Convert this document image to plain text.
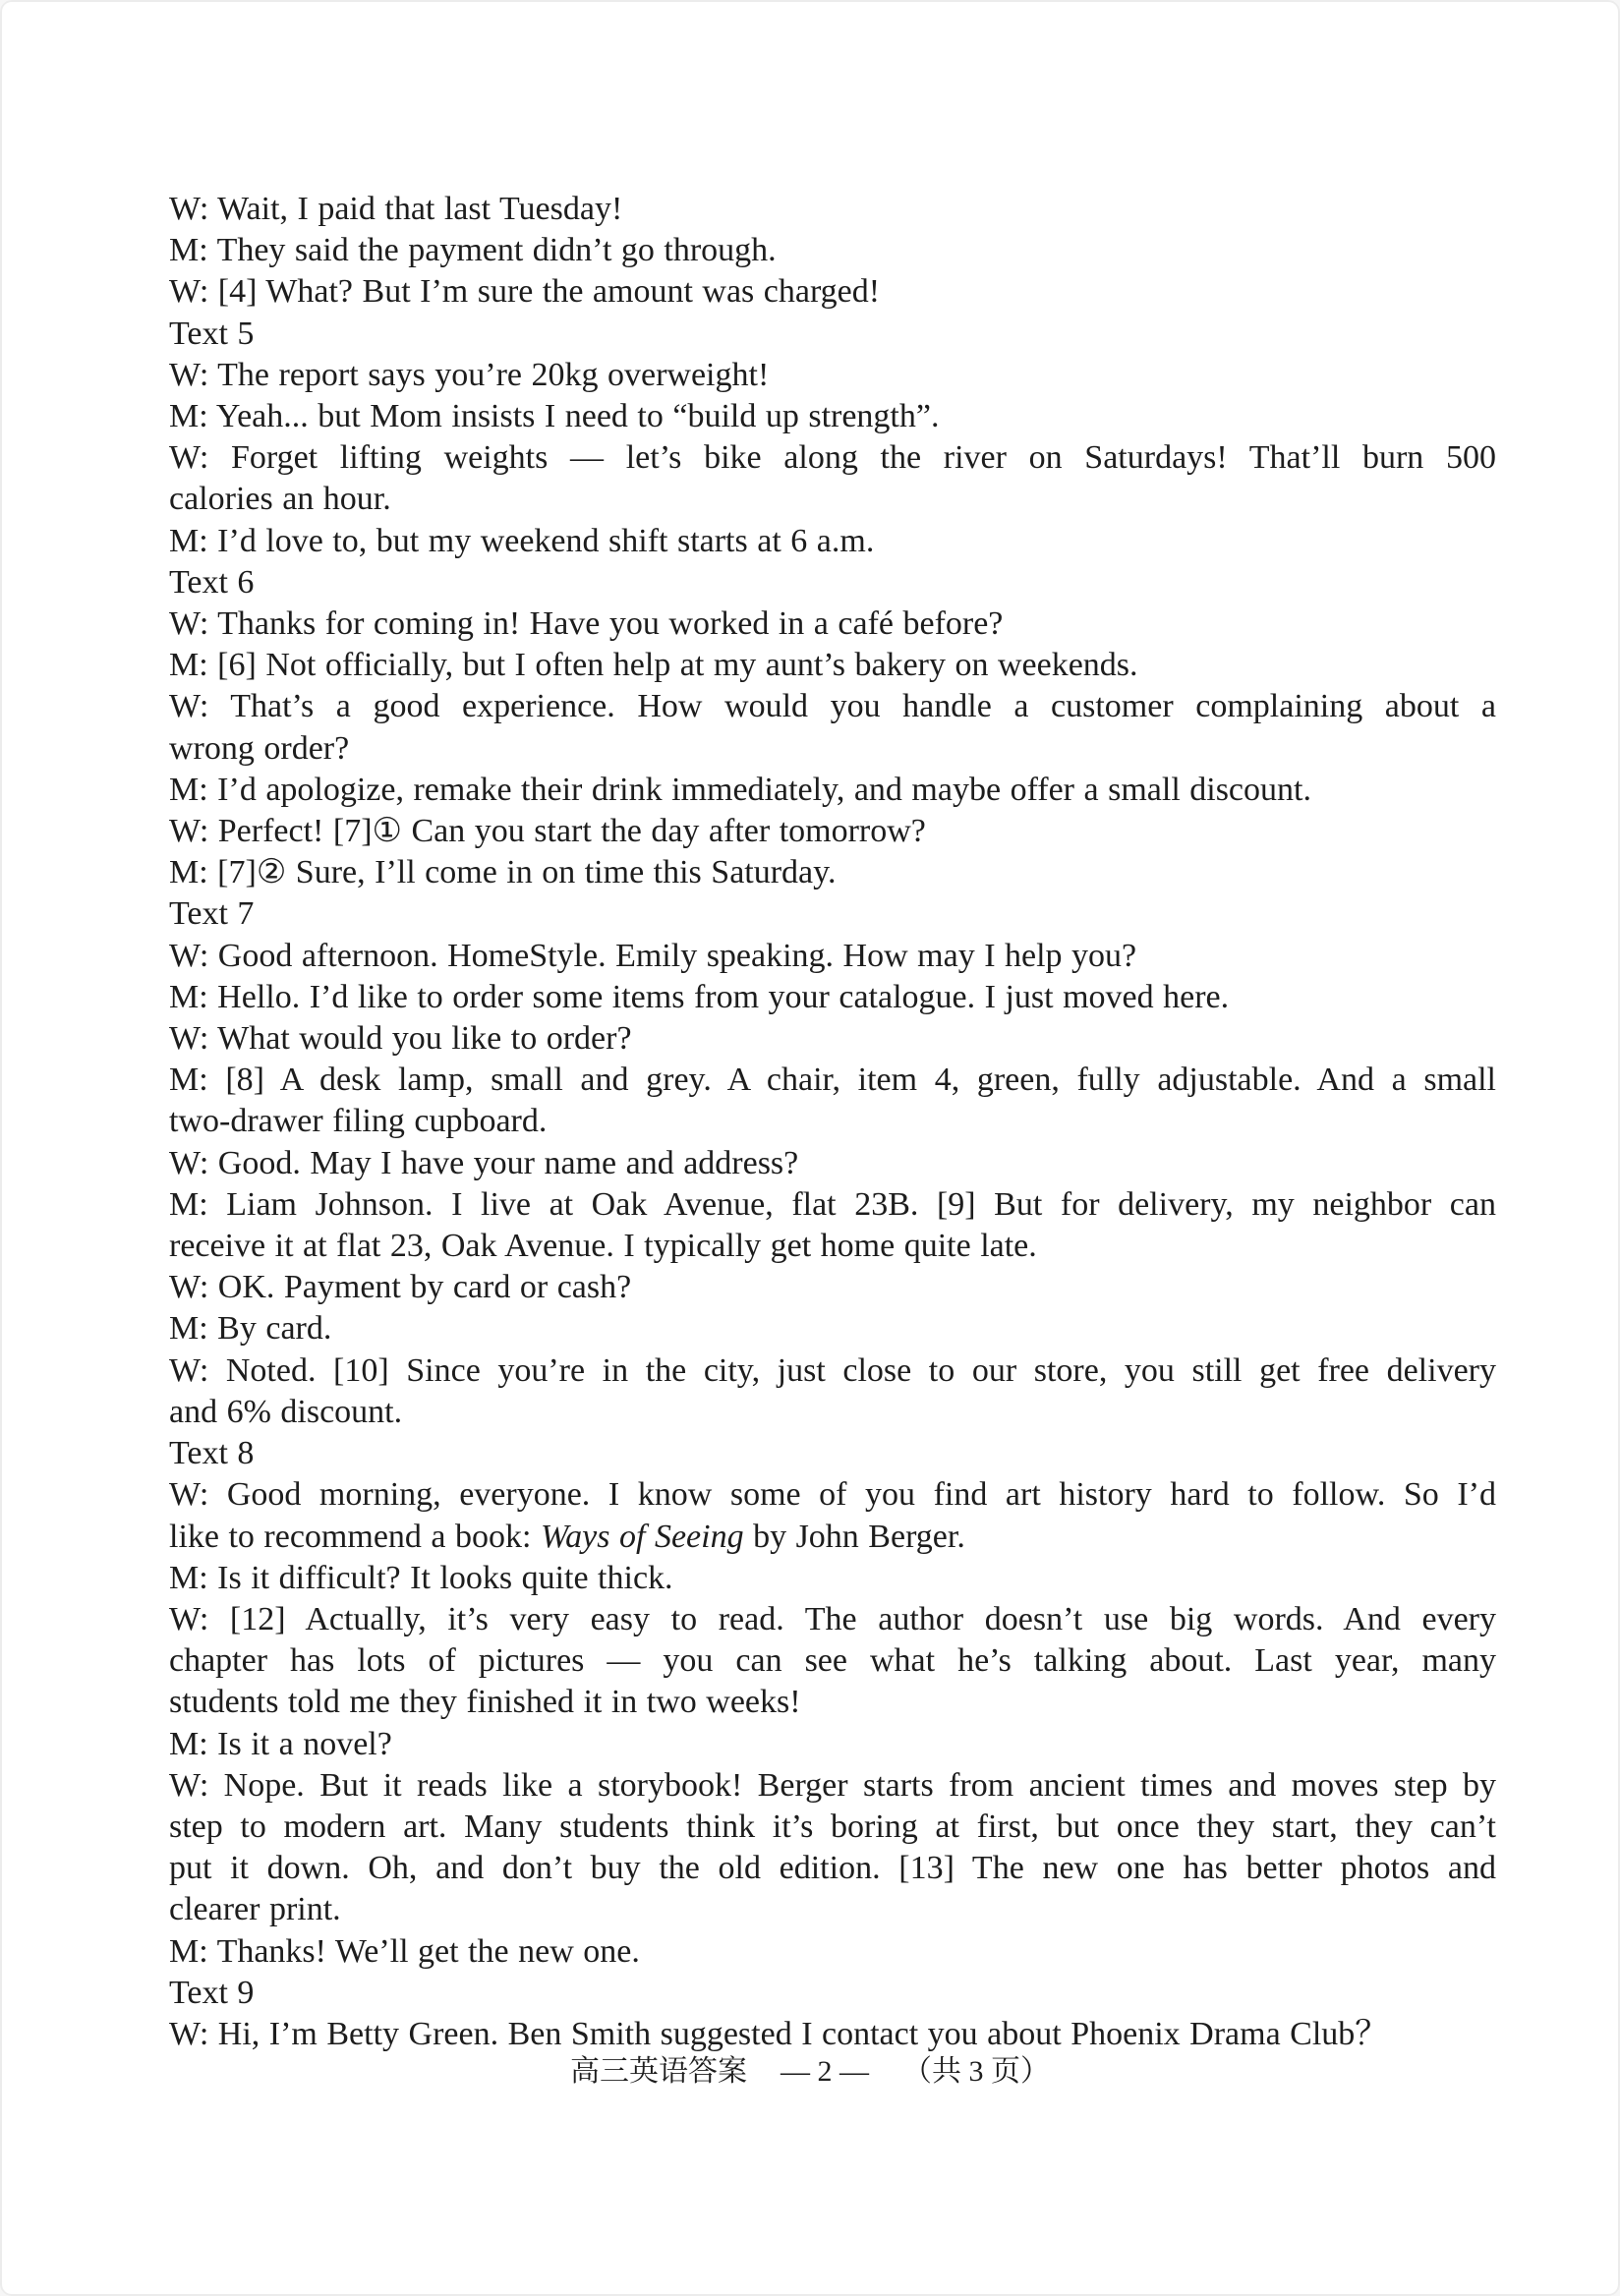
W: Wait, I paid that last Tuesday!
M: They said the payment didn’t go through.
W: [4] What? But I’m sure the amount was charged!
Text 5
W: The report says you’re 20kg overweight!
M: Yeah... but Mom insists I need to “build up strength”.
W: Forget lifting weights — let’s bike along the river on Saturdays! That’ll burn 500
calories an hour.
M: I’d love to, but my weekend shift starts at 6 a.m.
Text 6
W: Thanks for coming in! Have you worked in a café before?
M: [6] Not officially, but I often help at my aunt’s bakery on weekends.
W: That’s a good experience. How would you handle a customer complaining about a
wrong order?
M: I’d apologize, remake their drink immediately, and maybe offer a small discount.
W: Perfect! [7]① Can you start the day after tomorrow?
M: [7]② Sure, I’ll come in on time this Saturday.
Text 7
W: Good afternoon. HomeStyle. Emily speaking. How may I help you?
M: Hello. I’d like to order some items from your catalogue. I just moved here.
W: What would you like to order?
M: [8] A desk lamp, small and grey. A chair, item 4, green, fully adjustable. And a small
two-drawer filing cupboard.
W: Good. May I have your name and address?
M: Liam Johnson. I live at Oak Avenue, flat 23B. [9] But for delivery, my neighbor can
receive it at flat 23, Oak Avenue. I typically get home quite late.
W: OK. Payment by card or cash?
M: By card.
W: Noted. [10] Since you’re in the city, just close to our store, you still get free delivery
and 6% discount.
Text 8
W: Good morning, everyone. I know some of you find art history hard to follow. So I’d
like to recommend a book: Ways of Seeing by John Berger.
M: Is it difficult? It looks quite thick.
W: [12] Actually, it’s very easy to read. The author doesn’t use big words. And every
chapter has lots of pictures — you can see what he’s talking about. Last year, many
students told me they finished it in two weeks!
M: Is it a novel?
W: Nope. But it reads like a storybook! Berger starts from ancient times and moves step by
step to modern art. Many students think it’s boring at first, but once they start, they can’t
put it down. Oh, and don’t buy the old edition. [13] The new one has better photos and
clearer print.
M: Thanks! We’ll get the new one.
Text 9
W: Hi, I’m Betty Green. Ben Smith suggested I contact you about Phoenix Drama Club？
高三英语答案 — 2 — （共 3 页）
